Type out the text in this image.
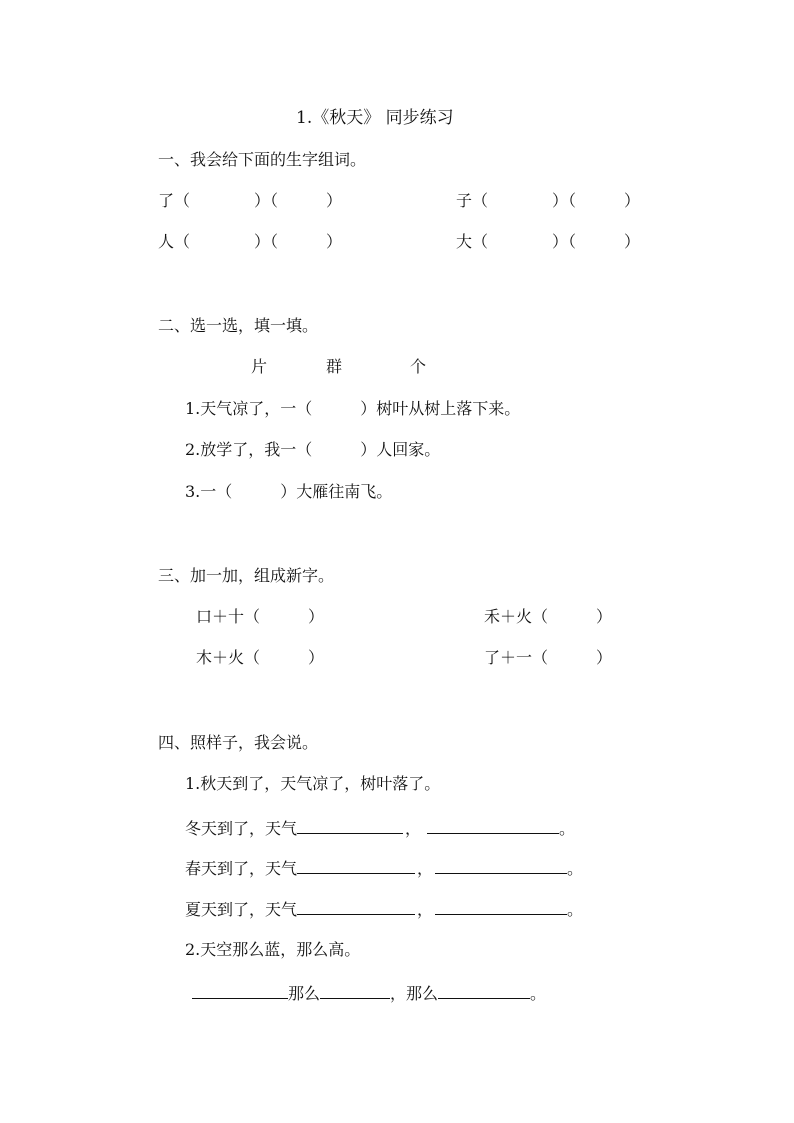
1.《秋天》 同步练习
一、我会给下面的生字组词。
了（　　　　）（　　　）	子（　　　　）（　　　）
人（　　　　）（　　　）	大（　　　　）（　　　）
二、选一选，填一填。
片	群	个
1.天气凉了，一（　　　）树叶从树上落下来。
2.放学了，我一（　　　）人回家。
3.一（　　　）大雁往南飞。
三、加一加，组成新字。
口＋十（　　　）	禾＋火（　　　）
木＋火（　　　）	了＋一（　　　）
四、照样子，我会说。
1.秋天到了，天气凉了，树叶落了。
冬天到了，天气	，	。
春天到了，天气	，	。
夏天到了，天气	，	。
2.天空那么蓝，那么高。
那么	，那么	。
